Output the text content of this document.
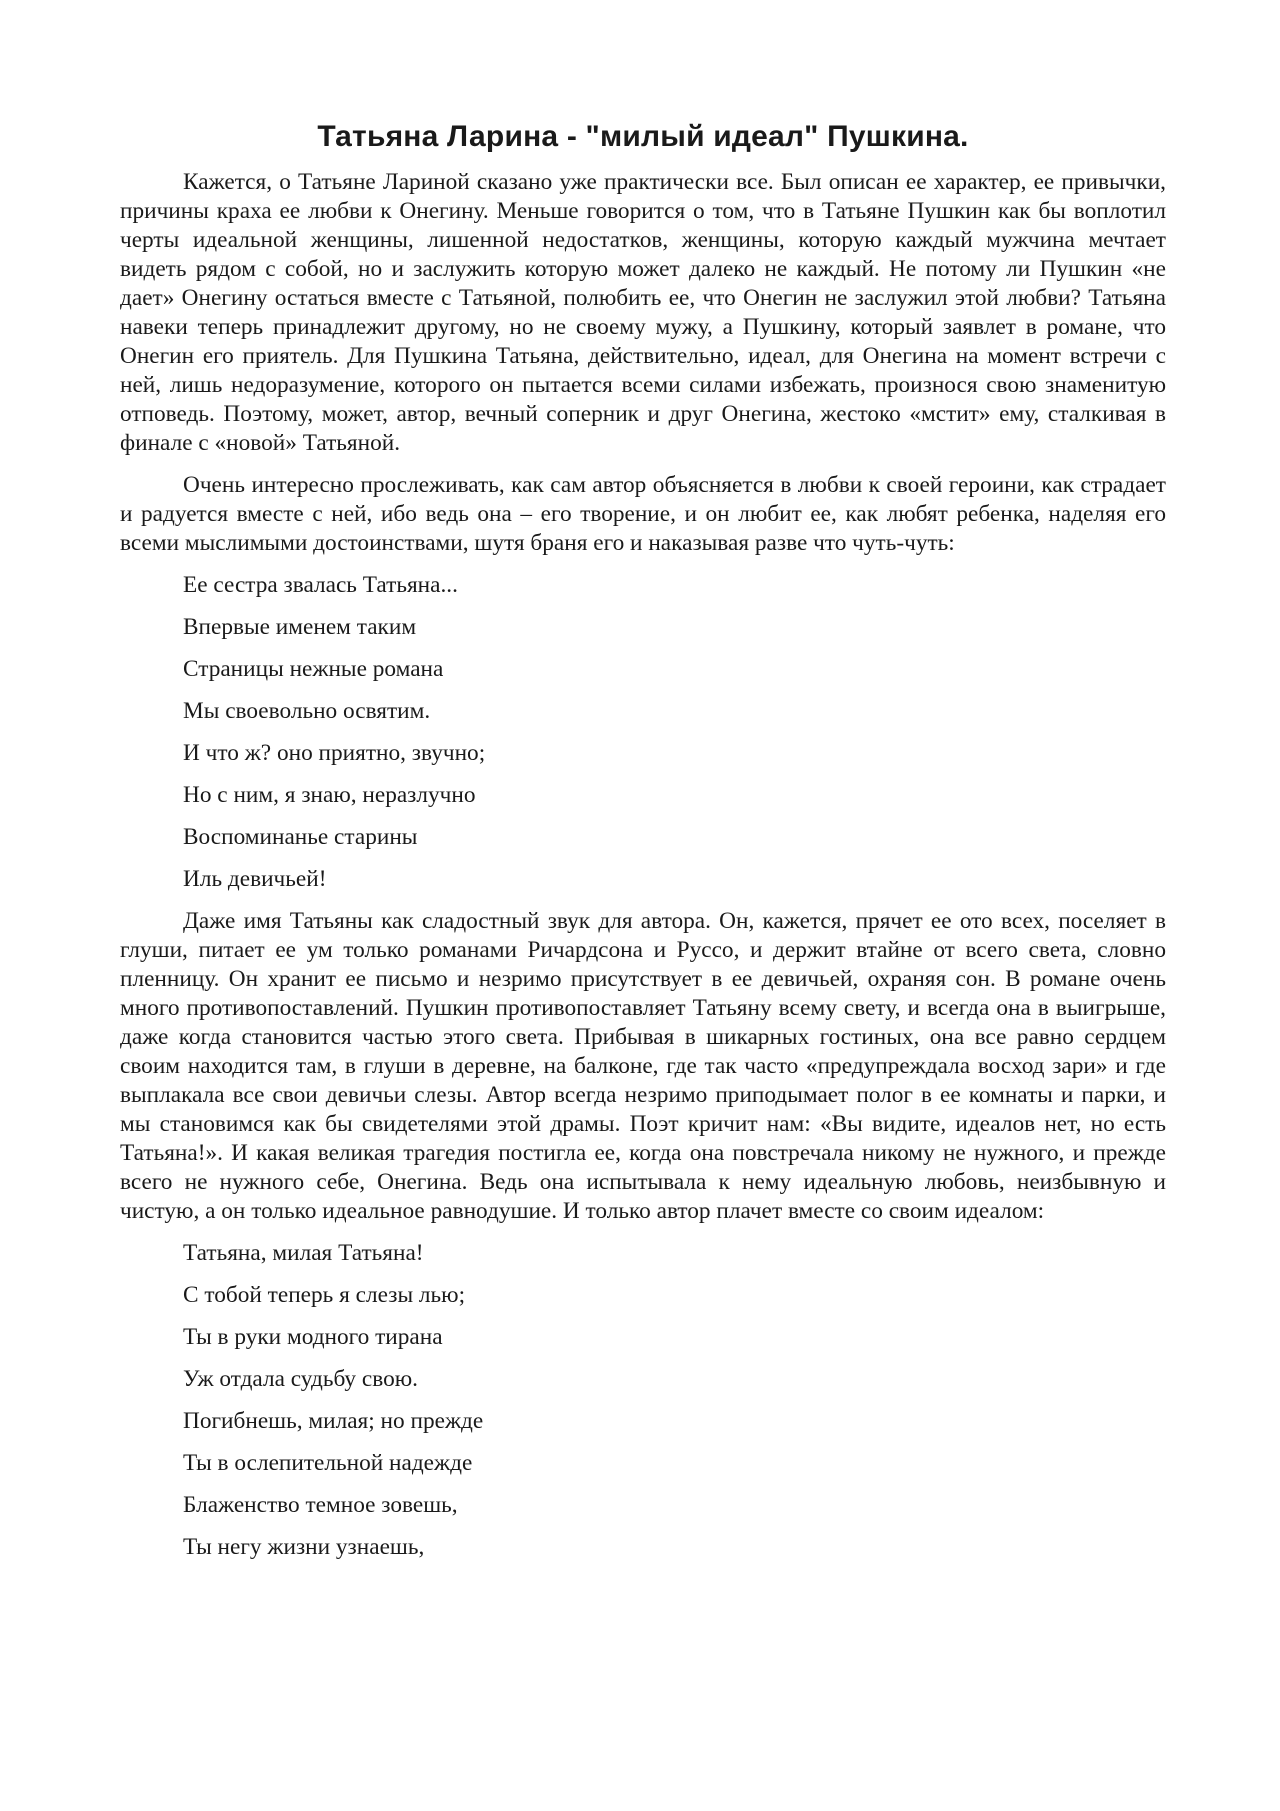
Татьяна Ларина - "милый идеал" Пушкина.

Кажется, о Татьяне Лариной сказано уже практически все. Был описан ее характер, ее привычки, причины краха ее любви к Онегину. Меньше говорится о том, что в Татьяне Пушкин как бы воплотил черты идеальной женщины, лишенной недостатков, женщины, которую каждый мужчина мечтает видеть рядом с собой, но и заслужить которую может далеко не каждый. Не потому ли Пушкин «не дает» Онегину остаться вместе с Татьяной, полюбить ее, что Онегин не заслужил этой любви? Татьяна навеки теперь принадлежит другому, но не своему мужу, а Пушкину, который заявлет в романе, что Онегин его приятель. Для Пушкина Татьяна, действительно, идеал, для Онегина на момент встречи с ней, лишь недоразумение, которого он пытается всеми силами избежать, произнося свою знаменитую отповедь. Поэтому, может, автор, вечный соперник и друг Онегина, жестоко «мстит» ему, сталкивая в финале с «новой» Татьяной.

Очень интересно прослеживать, как сам автор объясняется в любви к своей героини, как страдает и радуется вместе с ней, ибо ведь она – его творение, и он любит ее, как любят ребенка, наделяя его всеми мыслимыми достоинствами, шутя браня его и наказывая разве что чуть-чуть:

Ее сестра звалась Татьяна...

Впервые именем таким

Страницы нежные романа

Мы своевольно освятим.

И что ж? оно приятно, звучно;

Но с ним, я знаю, неразлучно

Воспоминанье старины

Иль девичьей!

Даже имя Татьяны как сладостный звук для автора. Он, кажется, прячет ее ото всех, поселяет в глуши, питает ее ум только романами Ричардсона и Руссо, и держит втайне от всего света, словно пленницу. Он хранит ее письмо и незримо присутствует в ее девичьей, охраняя сон. В романе очень много противопоставлений. Пушкин противопоставляет Татьяну всему свету, и всегда она в выигрыше, даже когда становится частью этого света. Прибывая в шикарных гостиных, она все равно сердцем своим находится там, в глуши в деревне, на балконе, где так часто «предупреждала восход зари» и где выплакала все свои девичьи слезы. Автор всегда незримо приподымает полог в ее комнаты и парки, и мы становимся как бы свидетелями этой драмы. Поэт кричит нам: «Вы видите, идеалов нет, но есть Татьяна!». И какая великая трагедия постигла ее, когда она повстречала никому не нужного, и прежде всего не нужного себе, Онегина. Ведь она испытывала к нему идеальную любовь, неизбывную и чистую, а он только идеальное равнодушие. И только автор плачет вместе со своим идеалом:

Татьяна, милая Татьяна!

С тобой теперь я слезы лью;

Ты в руки модного тирана

Уж отдала судьбу свою.

Погибнешь, милая; но прежде

Ты в ослепительной надежде

Блаженство темное зовешь,

Ты негу жизни узнаешь,
